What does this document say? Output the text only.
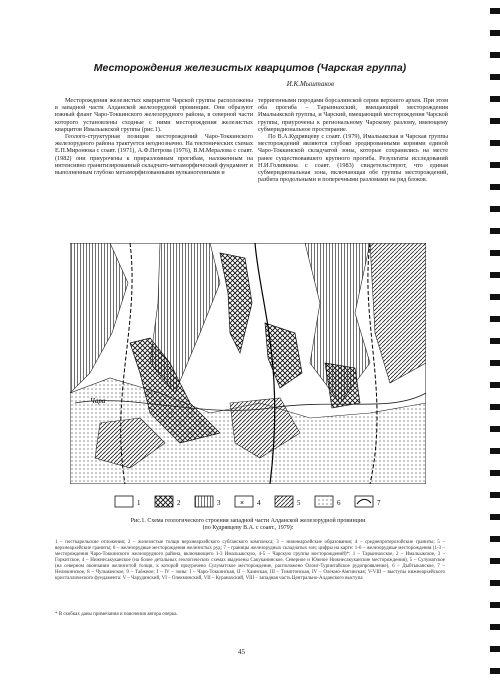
Месторождения железистых кварцитов (Чарская группа)
И.К.Мыштаков

Месторождения железистых кварцитов Чарской группы расположены в западной части Алданской железорудной провинции. Они образуют южный фланг Чаро-Токкинского железорудного района, в северной части которого установлены сходные с ними месторождения железистых кварцитов Имальыкской группы (рис.1).

Геолого-структурная позиция месторождений Чаро-Токкинского железорудного района трактуется неоднозначно. На тектонических схемах Е.П.Миронюка с соавт. (1971), А.Ф.Петрова (1976), В.М.Мералова с соавт. (1982) они приурочены к приразломным прогибам, наложенным на интенсивно гранитизированный складчато-метаморфический фундамент и выполненным глубоко метаморфизованными вулканогенными и

терригенными породами борсалинской серии верхнего архея. При этом оба прогиба – Тарыннахский, вмещающий месторождения Имальыкской группы, и Чарский, вмещающий месторождения Чарской группы, приурочены к региональному Чарскому разлому, имеющему субмеридиональное простирание.

По В.А.Кудрявцеву с соавт. (1979), Имальыкская и Чарская группы месторождений являются глубоко эродированными корнями единой Чаро-Токкинской складчатой зоны, которые сохранились на месте ранее существовавшего крупного прогиба. Результаты исследований Н.И.Голивкина с соавт. (1983) свидетельствуют, что единая субмеридиональная зона, включающая обе группы месторождений, разбита продольными и поперечными разломами на ряд блоков.

Чара
1	2	3	× 4	5	6	7
Рис.1. Схема геологического строения западной части Алданской железорудной провинции
(по Кудрявцеву В.А. с соавт., 1979):
1 – посткарельские отложения; 2 – железистые толщи верхнеархейского субганского комплекса; 3 – нижнеархейские образования; 4 – среднепротерозойские граниты; 5 – верхнеархейские граниты; 6 – железорудные месторождения железистых руд; 7 – границы железорудных складчатых зон; цифры на карте: 1-6 – железорудные месторождения (1-3 – месторождения Чаро-Токкинского железорудного района, включающего 1-3 Имальыкскую, 4-5 – Чарскую группы месторождений)*: 1 – Тарыннахское, 2 – Имальыкское, 3 – Горкитское, 4 – Нижнесакуканское (на более детальных геологических схемах выделены Сакуканинское, Северное и Южное Нижнесакуканские месторождения), 5 – Сулуматское (на северном окончании железистой толщи, к которой приурочено Сулуматское месторождение, расположено Олонг-Туринтайское рудопроявление), 6 – Дыбтыканское, 7 – Нелюкинское, 8 – Чульманское, 9 – Таёжное; I – IV – зоны: I – Чаро-Токкинская, II – Хаинская, III – Тимптонская, IV – Олекмо-Амгинская; V-VIII – выступы нижнеархейского кристаллического фундамента: V – Чарудинский, VI – Олекминский, VII – Куранахский, VIII – западная часть Центрально-Алданского выступа
* В скобках даны примечания и пояснения автора очерка.
45
